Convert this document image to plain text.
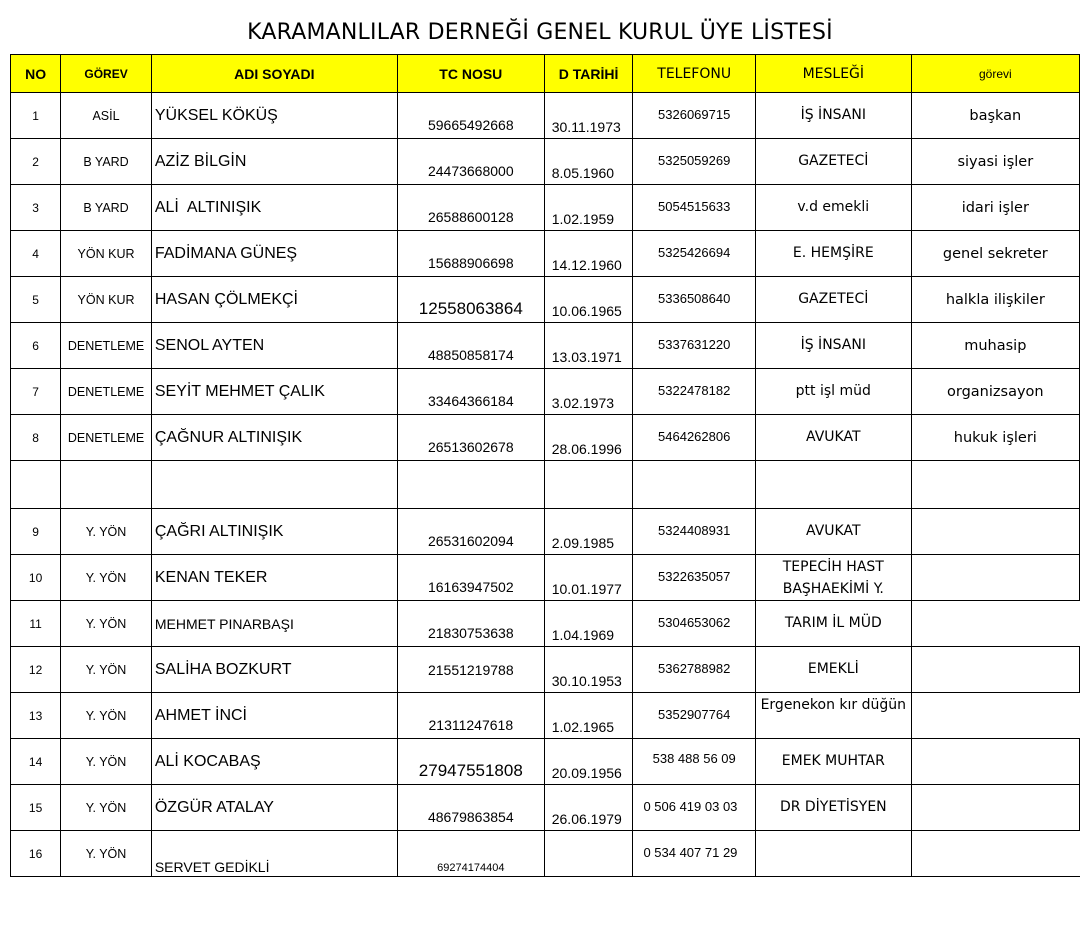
KARAMANLILAR DERNEĞİ GENEL KURUL ÜYE LİSTESİ
NO	GÖREV	ADI SOYADI	TC NOSU	D TARİHİ	TELEFONU	MESLEĞİ	görevi
1	ASİL	YÜKSEL KÖKÜŞ	59665492668	30.11.1973	5326069715	İŞ İNSANI	başkan
2	B YARD	AZİZ BİLGİN	24473668000	8.05.1960	5325059269	GAZETECİ	siyasi işler
3	B YARD	ALİ  ALTINIŞIK	26588600128	1.02.1959	5054515633	v.d emekli	idari işler
4	YÖN KUR	FADİMANA GÜNEŞ	15688906698	14.12.1960	5325426694	E. HEMŞİRE	genel sekreter
5	YÖN KUR	HASAN ÇÖLMEKÇİ	12558063864	10.06.1965	5336508640	GAZETECİ	halkla ilişkiler
6	DENETLEME	SENOL AYTEN	48850858174	13.03.1971	5337631220	İŞ İNSANI	muhasip
7	DENETLEME	SEYİT MEHMET ÇALIK	33464366184	3.02.1973	5322478182	ptt işl müd	organizsayon
8	DENETLEME	ÇAĞNUR ALTINIŞIK	26513602678	28.06.1996	5464262806	AVUKAT	hukuk işleri

9	Y. YÖN	ÇAĞRI ALTINIŞIK	26531602094	2.09.1985	5324408931	AVUKAT	
10	Y. YÖN	KENAN TEKER	16163947502	10.01.1977	5322635057	TEPECİH HAST BAŞHAEKİMİ Y.	
11	Y. YÖN	MEHMET PINARBAŞI	21830753638	1.04.1969	5304653062	TARIM İL MÜD	
12	Y. YÖN	SALİHA BOZKURT	21551219788	30.10.1953	5362788982	EMEKLİ	
13	Y. YÖN	AHMET İNCİ	21311247618	1.02.1965	5352907764	Ergenekon kır düğün	
14	Y. YÖN	ALİ KOCABAŞ	27947551808	20.09.1956	538 488 56 09	EMEK MUHTAR	
15	Y. YÖN	ÖZGÜR ATALAY	48679863854	26.06.1979	0 506 419 03 03	DR DİYETİSYEN	
16	Y. YÖN	SERVET GEDİKLİ	69274174404		0 534 407 71 29		
